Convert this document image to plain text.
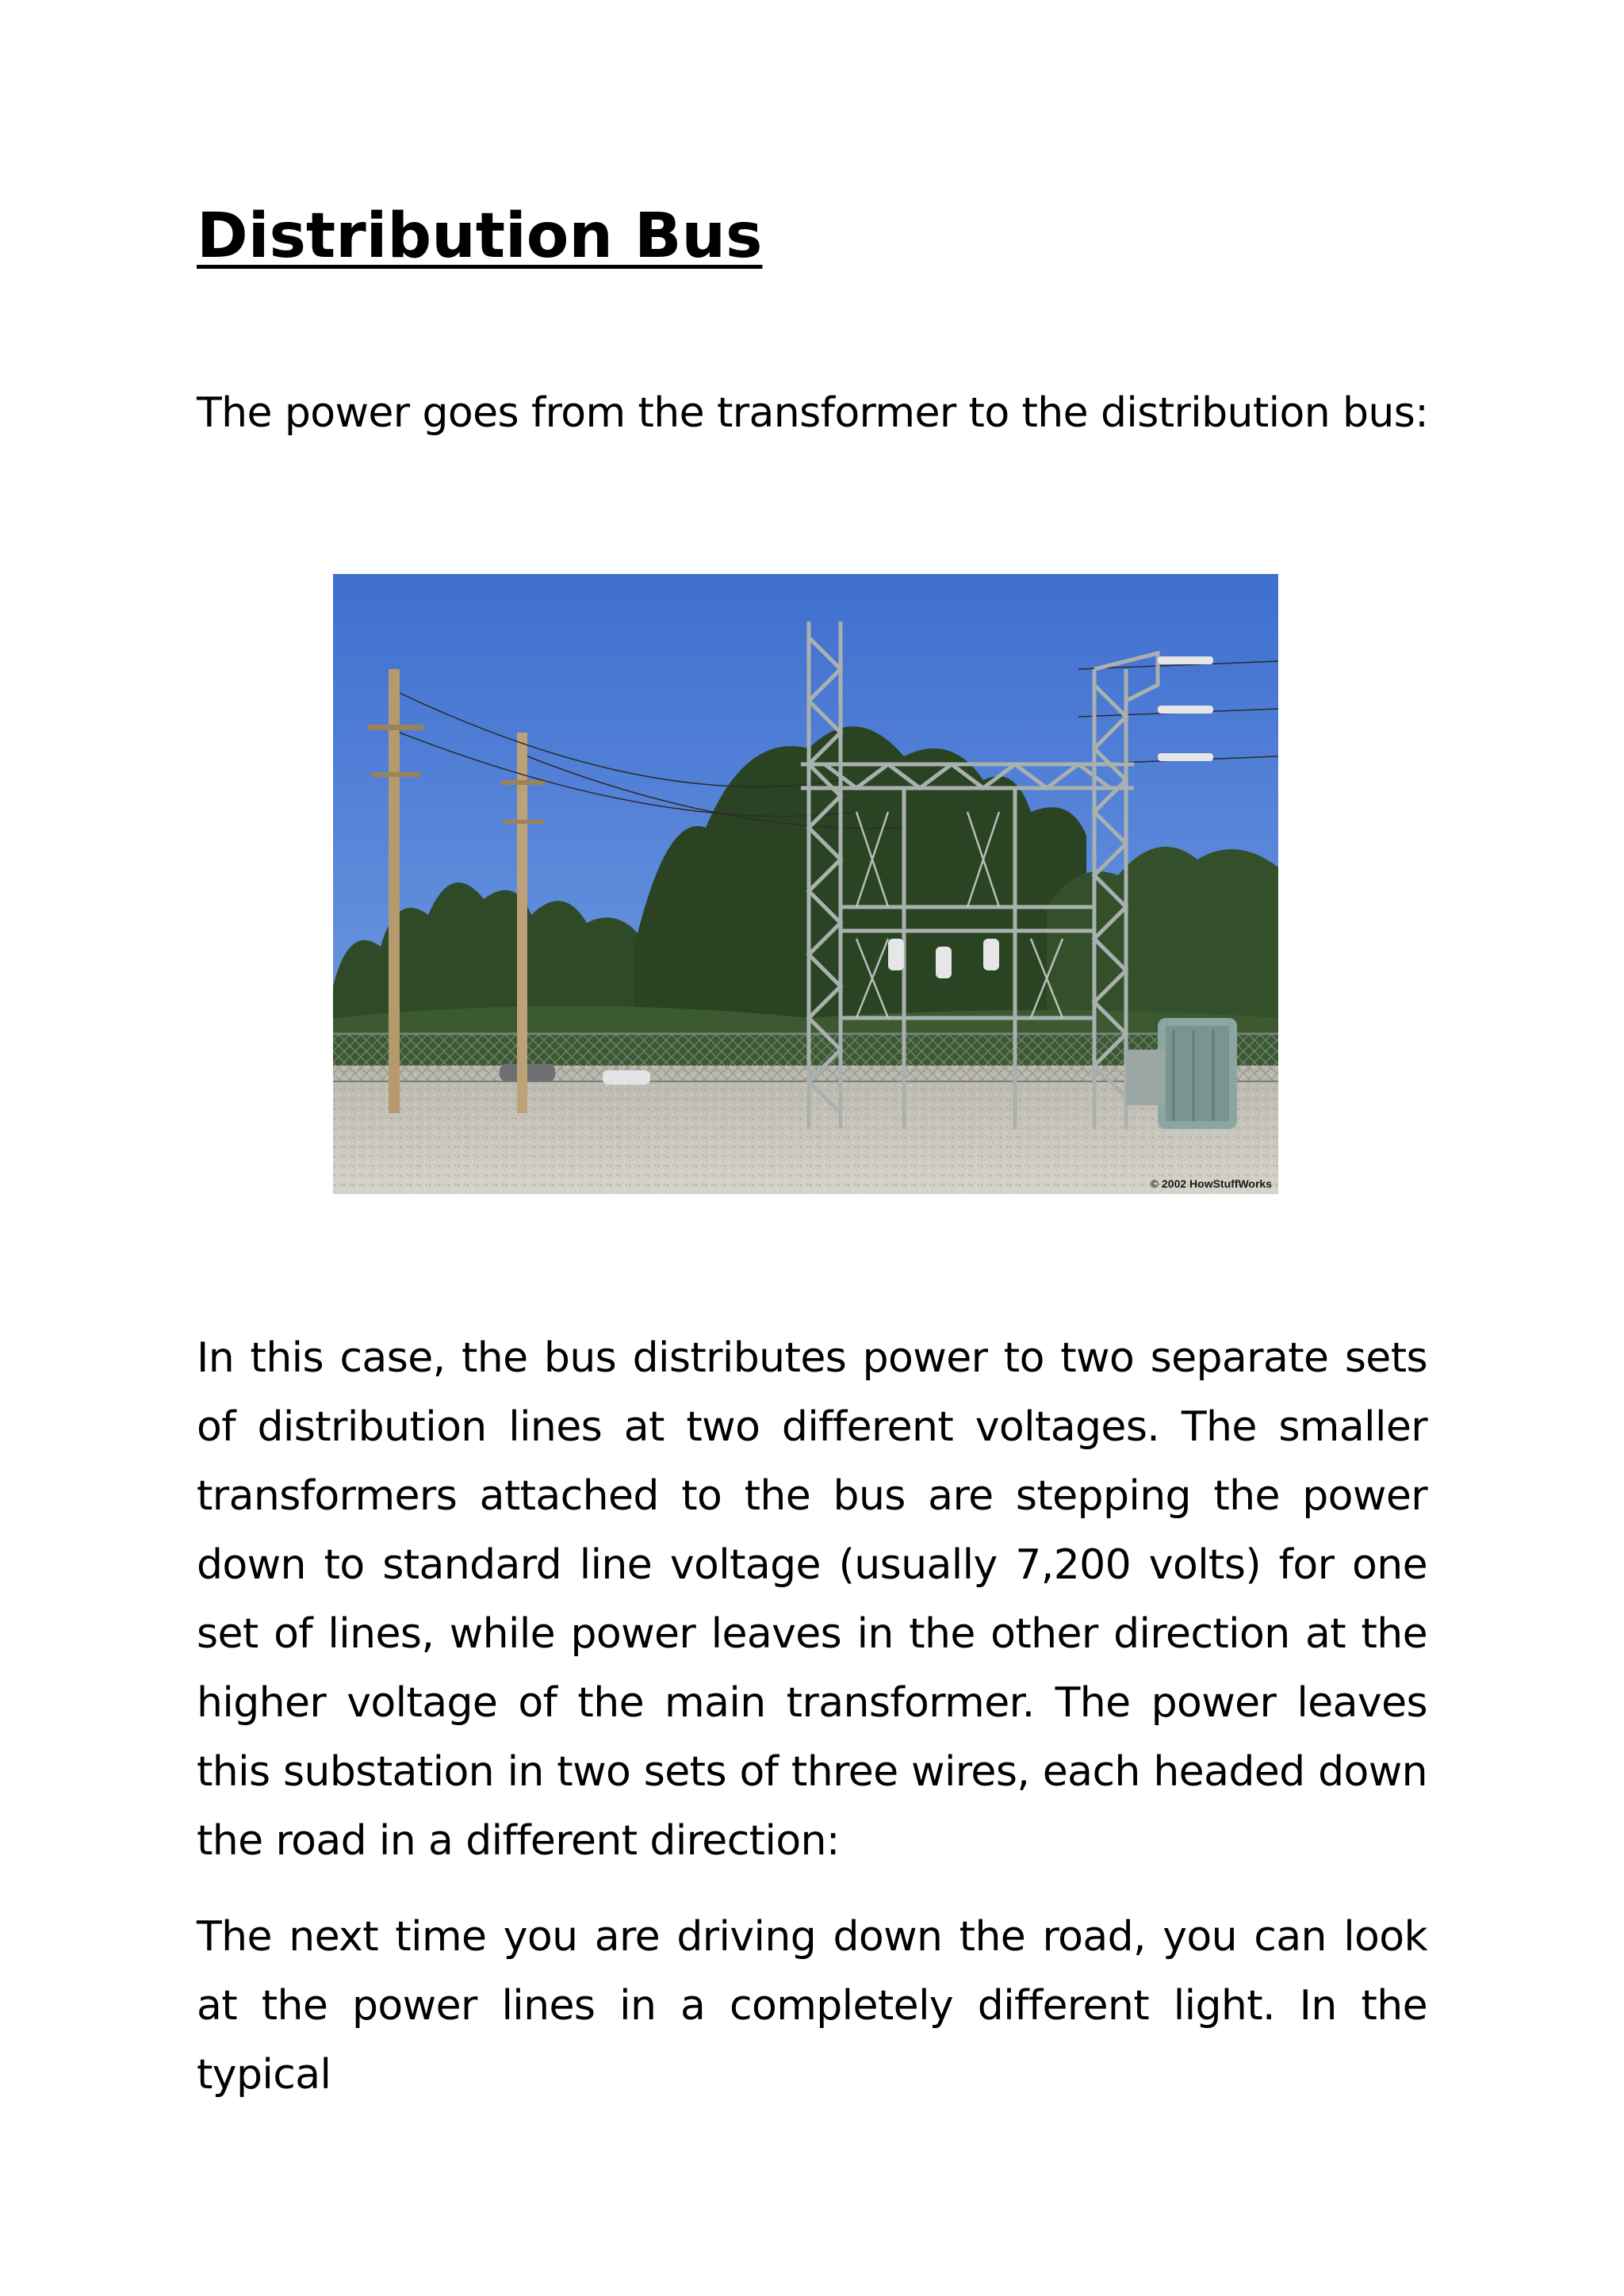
Distribution Bus

The power goes from the transformer to the distribution bus:

© 2002 HowStuffWorks

In this case, the bus distributes power to two separate sets of distribution lines at two different voltages. The smaller transformers attached to the bus are stepping the power down to standard line voltage (usually 7,200 volts) for one set of lines, while power leaves in the other direction at the higher voltage of the main transformer. The power leaves this substation in two sets of three wires, each headed down the road in a different direction:

The next time you are driving down the road, you can look at the power lines in a completely different light. In the typical
